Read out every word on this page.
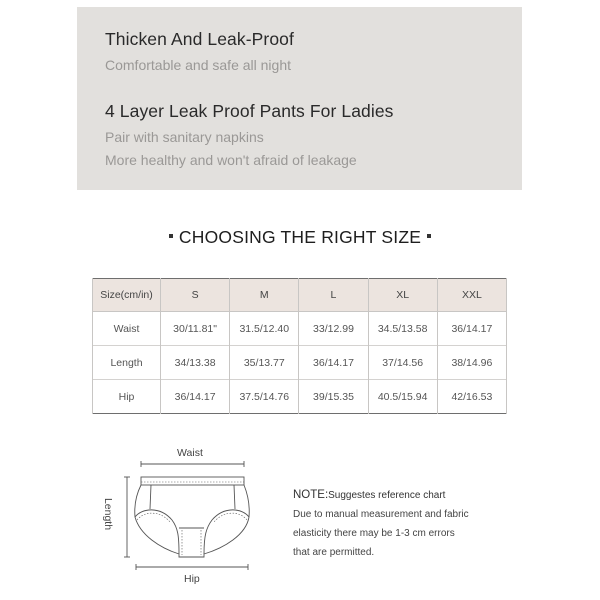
Thicken And Leak-Proof
Comfortable and safe all night
4 Layer Leak Proof Pants For Ladies
Pair with sanitary napkins
More healthy and won't afraid of leakage
CHOOSING THE RIGHT SIZE
Size(cm/in)	S	M	L	XL	XXL
Waist	30/11.81"	31.5/12.40	33/12.99	34.5/13.58	36/14.17
Length	34/13.38	35/13.77	36/14.17	37/14.56	38/14.96
Hip	36/14.17	37.5/14.76	39/15.35	40.5/15.94	42/16.53
Waist
Length
Hip
NOTE:Suggestes reference chart
Due to manual measurement and fabric
elasticity there may be 1-3 cm errors
that are permitted.
